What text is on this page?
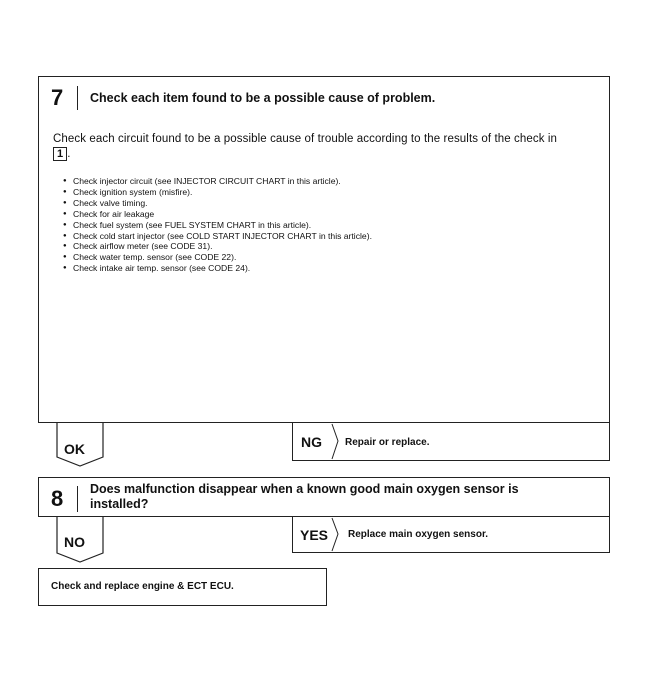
7 Check each item found to be a possible cause of problem.
Check each circuit found to be a possible cause of trouble according to the results of the check in
1 .
● Check injector circuit (see INJECTOR CIRCUIT CHART in this article).
● Check ignition system (misfire).
● Check valve timing.
● Check for air leakage
● Check fuel system (see FUEL SYSTEM CHART in this article).
● Check cold start injector (see COLD START INJECTOR CHART in this article).
● Check airflow meter (see CODE 31).
● Check water temp. sensor (see CODE 22).
● Check intake air temp. sensor (see CODE 24).
OK	NG Repair or replace.
8 Does malfunction disappear when a known good main oxygen sensor is
installed?
NO	YES Replace main oxygen sensor.
Check and replace engine & ECT ECU.
